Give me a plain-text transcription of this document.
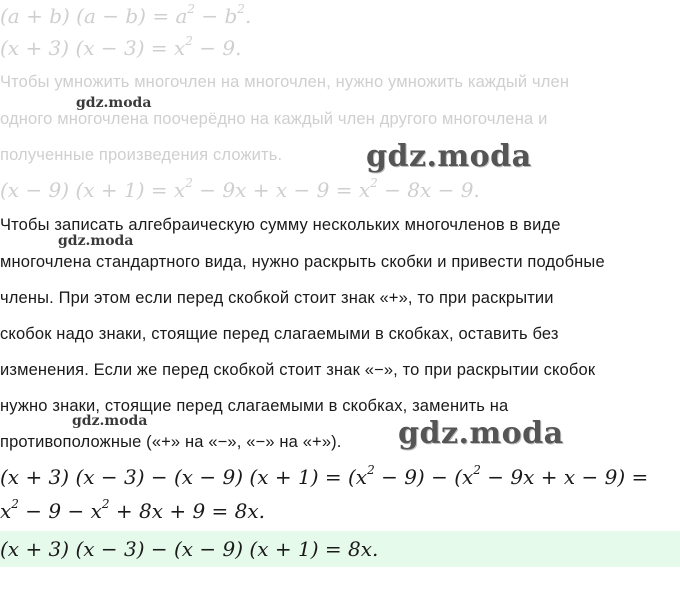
(a + b) $(a - b) = a^2 - b^2$.
(x + 3) $(x - 3) = x^2 - 9$.
Чтобы умножить многочлен на многочлен, нужно умножить каждый член
одного многочлена поочерёдно на каждый член другого многочлена и
полученные произведения сложить.
(x − 9) $(x + 1) = x^2 - 9x + x - 9 = x^2 - 8x - 9$.
Чтобы записать алгебраическую сумму нескольких многочленов в виде
многочлена стандартного вида, нужно раскрыть скобки и привести подобные
члены. При этом если перед скобкой стоит знак «+», то при раскрытии
скобок надо знаки, стоящие перед слагаемыми в скобках, оставить без
изменения. Если же перед скобкой стоит знак «−», то при раскрытии скобок
нужно знаки, стоящие перед слагаемыми в скобках, заменить на
противоположные («+» на «−», «−» на «+»).
(x + 3) (x − 3) − (x − 9) $(x + 1) = (x^2 - 9) - (x^2 - 9x + x - 9)$ =
$x^2 - 9 - x^2 + 8x + 9 = 8x$.
(x + 3) (x − 3) − (x − 9) (x + 1) = 8x.
gdz.moda
gdz.moda
gdz.moda
gdz.moda	gdz.moda
